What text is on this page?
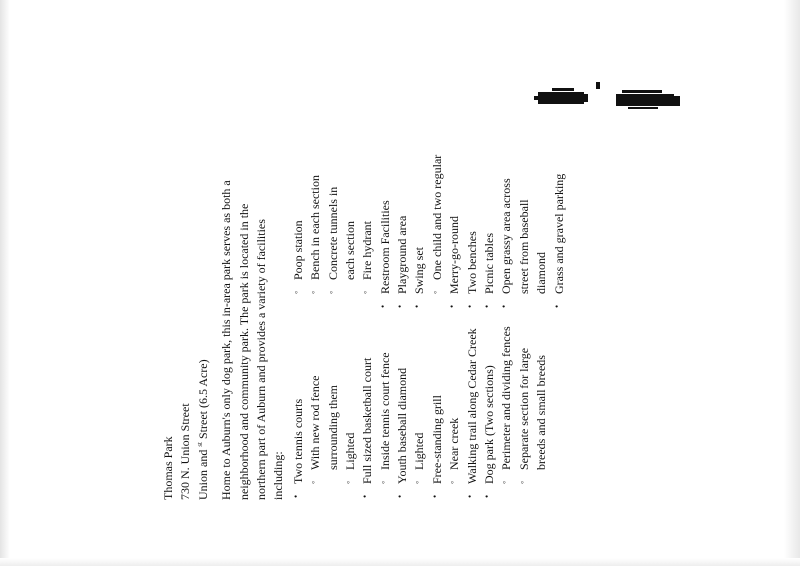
Thomas Park 730 N. Union Street Union and $^{st}$ Street (6.5 Acre) Home to Auburn's only dog park, this in-area park serves as both a neighborhood and community park. The park is located in the northern part of Auburn and provides a variety of facilities including: •
Two tennis courts ◦
With new rod fence surrounding them
◦
Lighted
•
Full sized basketball court ◦
Inside tennis court fence
•
Youth baseball diamond ◦
Lighted
•
Free-standing grill ◦
Near creek
•
Walking trail along Cedar Creek
•
Dog park (Two sections) ◦
Perimeter and dividing fences
◦
Separate section for large breeds and small breeds
◦
Poop station
◦
Bench in each section
◦
Concrete tunnels in each section
◦
Fire hydrant
•
Restroom Facilities
•
Playground area
•
Swing set ◦
One child and two regular
•
Merry-go-round
•
Two benches
•
Picnic tables
•
Open grassy area across street from baseball diamond
•
Grass and gravel parking
